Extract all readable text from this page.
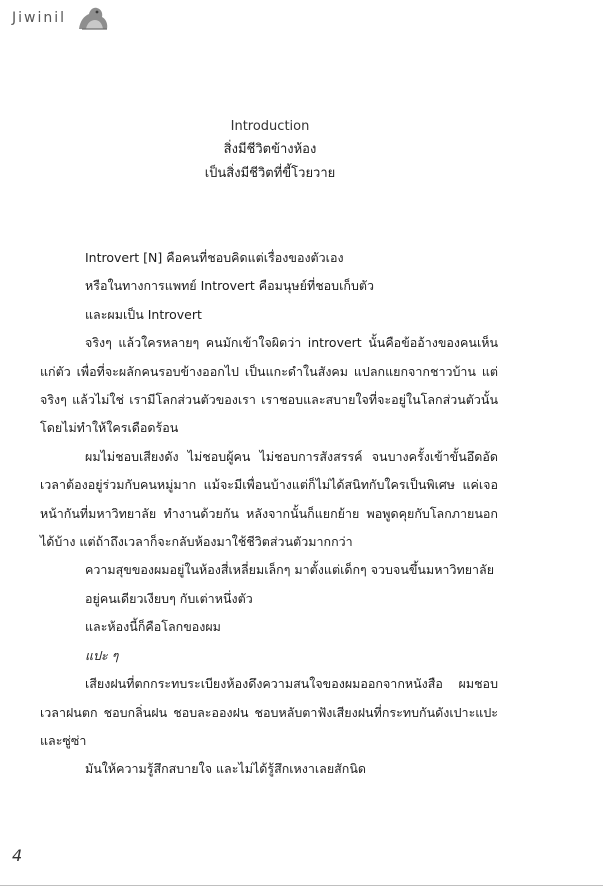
Jiwinil
Introduction
สิ่งมีชีวิตข้างห้อง
เป็นสิ่งมีชีวิตที่ขี้โวยวาย

Introvert [N] คือคนที่ชอบคิดแต่เรื่องของตัวเอง

หรือในทางการแพทย์ Introvert คือมนุษย์ที่ชอบเก็บตัว

และผมเป็น Introvert

จริงๆ แล้วใครหลายๆ คนมักเข้าใจผิดว่า introvert นั้นคือข้ออ้างของคนเห็นแก่ตัว เพื่อที่จะผลักคนรอบข้างออกไป เป็นแกะดำในสังคม แปลกแยกจากชาวบ้าน แต่จริงๆ แล้วไม่ใช่ เรามีโลกส่วนตัวของเรา เราชอบและสบายใจที่จะอยู่ในโลกส่วนตัวนั้น โดยไม่ทำให้ใครเดือดร้อน

ผมไม่ชอบเสียงดัง ไม่ชอบผู้คน ไม่ชอบการสังสรรค์ จนบางครั้งเข้าขั้นอึดอัดเวลาต้องอยู่ร่วมกับคนหมู่มาก แม้จะมีเพื่อนบ้างแต่ก็ไม่ได้สนิทกับใครเป็นพิเศษ แค่เจอหน้ากันที่มหาวิทยาลัย ทำงานด้วยกัน หลังจากนั้นก็แยกย้าย พอพูดคุยกับโลกภายนอกได้บ้าง แต่ถ้าถึงเวลาก็จะกลับห้องมาใช้ชีวิตส่วนตัวมากกว่า

ความสุขของผมอยู่ในห้องสี่เหลี่ยมเล็กๆ มาตั้งแต่เด็กๆ จวบจนขึ้นมหาวิทยาลัย

อยู่คนเดียวเงียบๆ กับเต่าหนึ่งตัว

และห้องนี้ก็คือโลกของผม

แปะ ๆ

เสียงฝนที่ตกกระทบระเบียงห้องดึงความสนใจของผมออกจากหนังสือ ผมชอบเวลาฝนตก ชอบกลิ่นฝน ชอบละอองฝน ชอบหลับตาฟังเสียงฝนที่กระทบกันดังเปาะแปะและซู่ซ่า

มันให้ความรู้สึกสบายใจ และไม่ได้รู้สึกเหงาเลยสักนิด

4
